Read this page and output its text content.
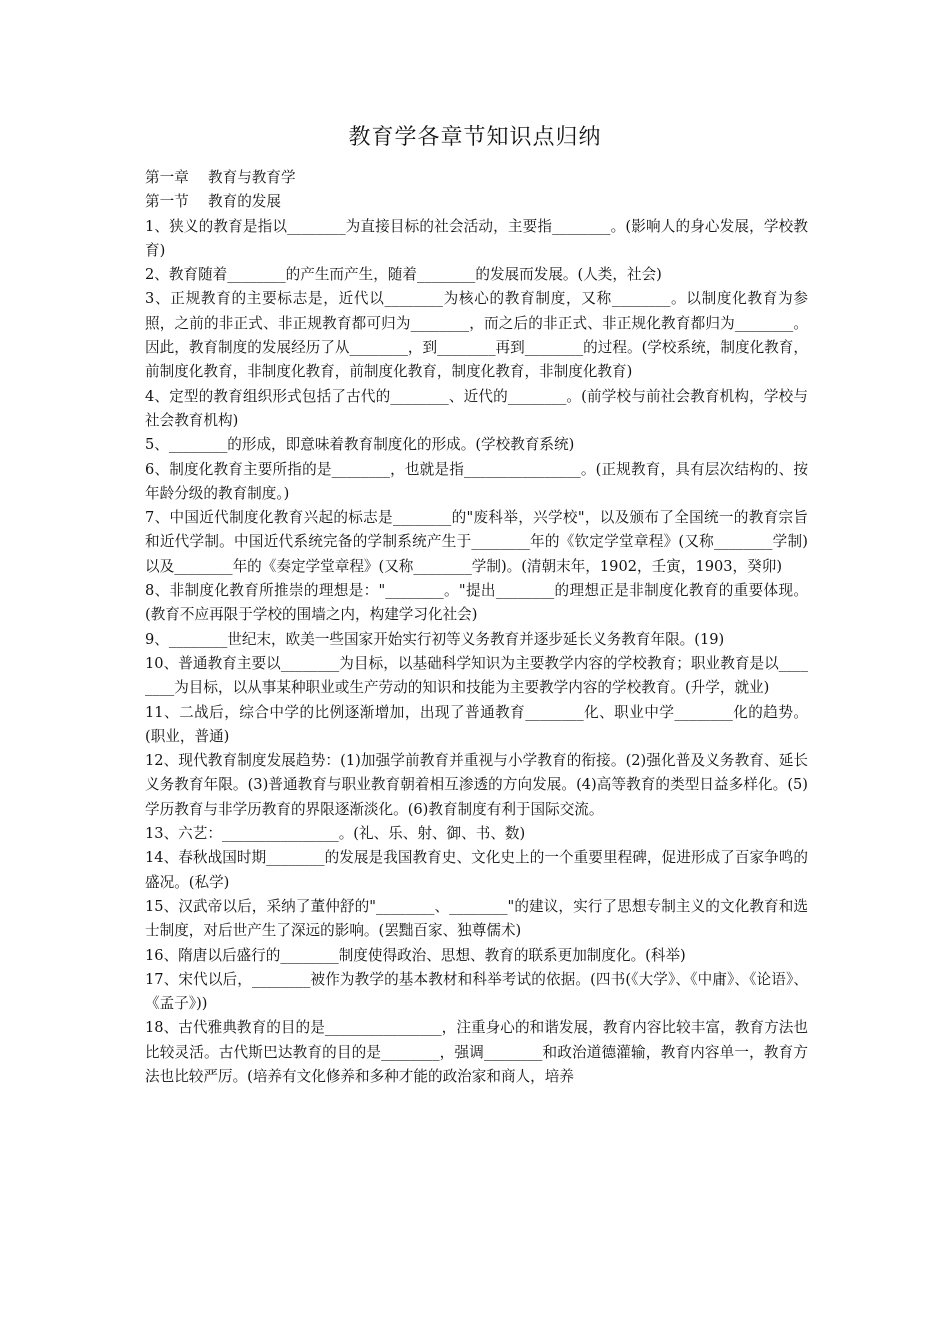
教育学各章节知识点归纳

第一章　 教育与教育学

第一节　 教育的发展

1、狭义的教育是指以________为直接目标的社会活动，主要指________。(影响人的身心发展，学校教育)

2、教育随着________的产生而产生，随着________的发展而发展。(人类，社会)

3、正规教育的主要标志是，近代以________为核心的教育制度，又称________。以制度化教育为参照，之前的非正式、非正规教育都可归为________，而之后的非正式、非正规化教育都归为________。因此，教育制度的发展经历了从________，到________再到________的过程。(学校系统，制度化教育，前制度化教育，非制度化教育，前制度化教育，制度化教育，非制度化教育)

4、定型的教育组织形式包括了古代的________、近代的________。(前学校与前社会教育机构，学校与社会教育机构)

5、________的形成，即意味着教育制度化的形成。(学校教育系统)

6、制度化教育主要所指的是________，也就是指________________。(正规教育，具有层次结构的、按年龄分级的教育制度。)

7、中国近代制度化教育兴起的标志是________的"废科举，兴学校"，以及颁布了全国统一的教育宗旨和近代学制。中国近代系统完备的学制系统产生于________年的《钦定学堂章程》(又称________学制)以及________年的《奏定学堂章程》(又称________学制)。(清朝末年，1902，壬寅，1903，癸卯)

8、非制度化教育所推崇的理想是："________。"提出________的理想正是非制度化教育的重要体现。(教育不应再限于学校的围墙之内，构建学习化社会)

9、________世纪末，欧美一些国家开始实行初等义务教育并逐步延长义务教育年限。(19)

10、普通教育主要以________为目标，以基础科学知识为主要教学内容的学校教育；职业教育是以________为目标，以从事某种职业或生产劳动的知识和技能为主要教学内容的学校教育。(升学，就业)

11、二战后，综合中学的比例逐渐增加，出现了普通教育________化、职业中学________化的趋势。(职业，普通)

12、现代教育制度发展趋势：(1)加强学前教育并重视与小学教育的衔接。(2)强化普及义务教育、延长义务教育年限。(3)普通教育与职业教育朝着相互渗透的方向发展。(4)高等教育的类型日益多样化。(5)学历教育与非学历教育的界限逐渐淡化。(6)教育制度有利于国际交流。

13、六艺：________________。(礼、乐、射、御、书、数)

14、春秋战国时期________的发展是我国教育史、文化史上的一个重要里程碑，促进形成了百家争鸣的盛况。(私学)

15、汉武帝以后，采纳了董仲舒的"________、________"的建议，实行了思想专制主义的文化教育和选士制度，对后世产生了深远的影响。(罢黜百家、独尊儒术)

16、隋唐以后盛行的________制度使得政治、思想、教育的联系更加制度化。(科举)

17、宋代以后，________被作为教学的基本教材和科举考试的依据。(四书(《大学》、《中庸》、《论语》、《孟子》))

18、古代雅典教育的目的是________________，注重身心的和谐发展，教育内容比较丰富，教育方法也比较灵活。古代斯巴达教育的目的是________，强调________和政治道德灌输，教育内容单一，教育方法也比较严厉。(培养有文化修养和多种才能的政治家和商人，培养
